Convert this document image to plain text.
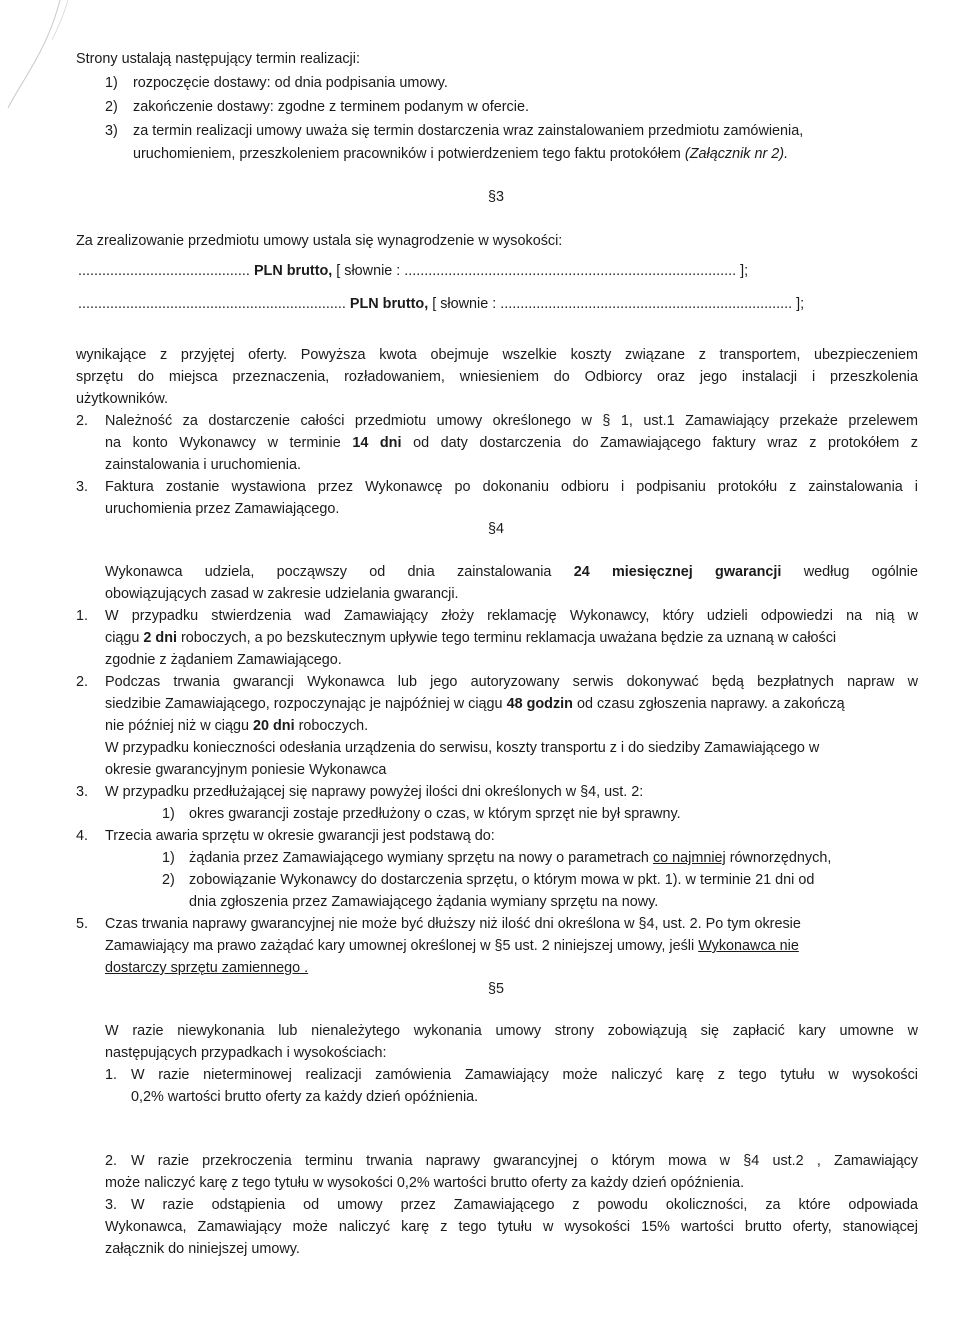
Strony ustalają następujący termin realizacji:
1) rozpoczęcie dostawy: od dnia podpisania umowy.
2) zakończenie dostawy: zgodne z terminem podanym w ofercie.
3) za termin realizacji umowy uważa się termin dostarczenia wraz zainstalowaniem przedmiotu zamówienia,
uruchomieniem, przeszkoleniem pracowników i potwierdzeniem tego faktu protokółem (Załącznik nr 2).
§3
Za zrealizowanie przedmiotu umowy ustala się wynagrodzenie w wysokości:
........................................... PLN brutto, [ słownie : ................................................................................... ];
................................................................... PLN brutto, [ słownie : ......................................................................... ];
wynikające z przyjętej oferty. Powyższa kwota obejmuje wszelkie koszty związane z transportem, ubezpieczeniem
sprzętu do miejsca przeznaczenia, rozładowaniem, wniesieniem do Odbiorcy oraz jego instalacji i przeszkolenia
użytkowników.
2. Należność za dostarczenie całości przedmiotu umowy określonego w § 1, ust.1 Zamawiający przekaże przelewem
na konto Wykonawcy w terminie 14 dni od daty dostarczenia do Zamawiającego faktury wraz z protokółem z
zainstalowania i uruchomienia.
3. Faktura zostanie wystawiona przez Wykonawcę po dokonaniu odbioru i podpisaniu protokółu z zainstalowania i
uruchomienia przez Zamawiającego.
§4
Wykonawca udziela, począwszy od dnia zainstalowania 24 miesięcznej gwarancji według ogólnie
obowiązujących zasad w zakresie udzielania gwarancji.
1. W przypadku stwierdzenia wad Zamawiający złoży reklamację Wykonawcy, który udzieli odpowiedzi na nią w
ciągu 2 dni roboczych, a po bezskutecznym upływie tego terminu reklamacja uważana będzie za uznaną w całości
zgodnie z żądaniem Zamawiającego.
2. Podczas trwania gwarancji Wykonawca lub jego autoryzowany serwis dokonywać będą bezpłatnych napraw w
siedzibie Zamawiającego, rozpoczynając je najpóźniej w ciągu 48 godzin od czasu zgłoszenia naprawy. a zakończą
nie później niż w ciągu 20 dni roboczych.
W przypadku konieczności odesłania urządzenia do serwisu, koszty transportu z i do siedziby Zamawiającego w
okresie gwarancyjnym poniesie Wykonawca
3. W przypadku przedłużającej się naprawy powyżej ilości dni określonych w §4, ust. 2:
1) okres gwarancji zostaje przedłużony o czas, w którym sprzęt nie był sprawny.
4. Trzecia awaria sprzętu w okresie gwarancji jest podstawą do:
1) żądania przez Zamawiającego wymiany sprzętu na nowy o parametrach co najmniej równorzędnych,
2) zobowiązanie Wykonawcy do dostarczenia sprzętu, o którym mowa w pkt. 1). w terminie 21 dni od
dnia zgłoszenia przez Zamawiającego żądania wymiany sprzętu na nowy.
5. Czas trwania naprawy gwarancyjnej nie może być dłuższy niż ilość dni określona w §4, ust. 2. Po tym okresie
Zamawiający ma prawo zażądać kary umownej określonej w §5 ust. 2 niniejszej umowy, jeśli Wykonawca nie
dostarczy sprzętu zamiennego .
§5
W razie niewykonania lub nienależytego wykonania umowy strony zobowiązują się zapłacić kary umowne w
następujących przypadkach i wysokościach:
1. W razie nieterminowej realizacji zamówienia Zamawiający może naliczyć karę z tego tytułu w wysokości
0,2% wartości brutto oferty za każdy dzień opóźnienia.
2. W razie przekroczenia terminu trwania naprawy gwarancyjnej o którym mowa w §4 ust.2 , Zamawiający
może naliczyć karę z tego tytułu w wysokości 0,2% wartości brutto oferty za każdy dzień opóźnienia.
3. W razie odstąpienia od umowy przez Zamawiającego z powodu okoliczności, za które odpowiada
Wykonawca, Zamawiający może naliczyć karę z tego tytułu w wysokości 15% wartości brutto oferty, stanowiącej
załącznik do niniejszej umowy.
